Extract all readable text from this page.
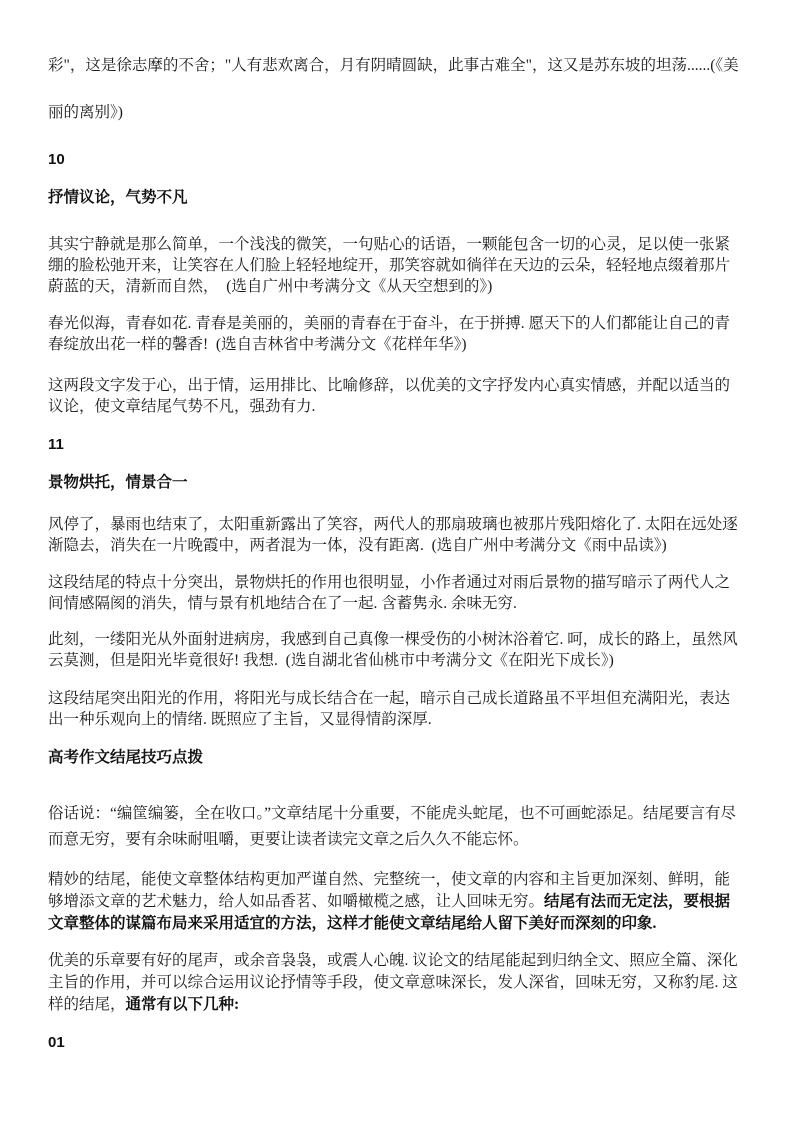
彩"，这是徐志摩的不舍；"人有悲欢离合，月有阴晴圆缺，此事古难全"，这又是苏东坡的坦荡......(《美丽的离别》)

10

抒情议论，气势不凡

其实宁静就是那么简单，一个浅浅的微笑，一句贴心的话语，一颗能包含一切的心灵，足以使一张紧绷的脸松弛开来，让笑容在人们脸上轻轻地绽开，那笑容就如徜徉在天边的云朵，轻轻地点缀着那片蔚蓝的天，清新而自然，  (选自广州中考满分文《从天空想到的》)

春光似海，青春如花. 青春是美丽的，美丽的青春在于奋斗，在于拼搏. 愿天下的人们都能让自己的青春绽放出花一样的馨香!  (选自吉林省中考满分文《花样年华》)

这两段文字发于心，出于情，运用排比、比喻修辞，以优美的文字抒发内心真实情感，并配以适当的议论，使文章结尾气势不凡，强劲有力.

11

景物烘托，情景合一

风停了，暴雨也结束了，太阳重新露出了笑容，两代人的那扇玻璃也被那片残阳熔化了. 太阳在远处逐渐隐去，消失在一片晚霞中，两者混为一体，没有距离.  (选自广州中考满分文《雨中品读》)

这段结尾的特点十分突出，景物烘托的作用也很明显，小作者通过对雨后景物的描写暗示了两代人之间情感隔阂的消失，情与景有机地结合在了一起. 含蓄隽永. 余味无穷.

此刻，一缕阳光从外面射进病房，我感到自己真像一棵受伤的小树沐浴着它. 呵，成长的路上，虽然风云莫测，但是阳光毕竟很好! 我想.  (选自湖北省仙桃市中考满分文《在阳光下成长》)

这段结尾突出阳光的作用，将阳光与成长结合在一起，暗示自己成长道路虽不平坦但充满阳光，表达出一种乐观向上的情绪. 既照应了主旨，又显得情韵深厚.

高考作文结尾技巧点拨

俗话说：“编筐编篓，全在收口。”文章结尾十分重要，不能虎头蛇尾，也不可画蛇添足。结尾要言有尽而意无穷，要有余味耐咀嚼，更要让读者读完文章之后久久不能忘怀。

精妙的结尾，能使文章整体结构更加严谨自然、完整统一，使文章的内容和主旨更加深刻、鲜明，能够增添文章的艺术魅力，给人如品香茗、如嚼橄榄之感，让人回味无穷。结尾有法而无定法，要根据文章整体的谋篇布局来采用适宜的方法，这样才能使文章结尾给人留下美好而深刻的印象.

优美的乐章要有好的尾声，或余音袅袅，或震人心魄. 议论文的结尾能起到归纳全文、照应全篇、深化主旨的作用，并可以综合运用议论抒情等手段，使文章意味深长，发人深省，回味无穷，又称豹尾. 这样的结尾，通常有以下几种:

01
